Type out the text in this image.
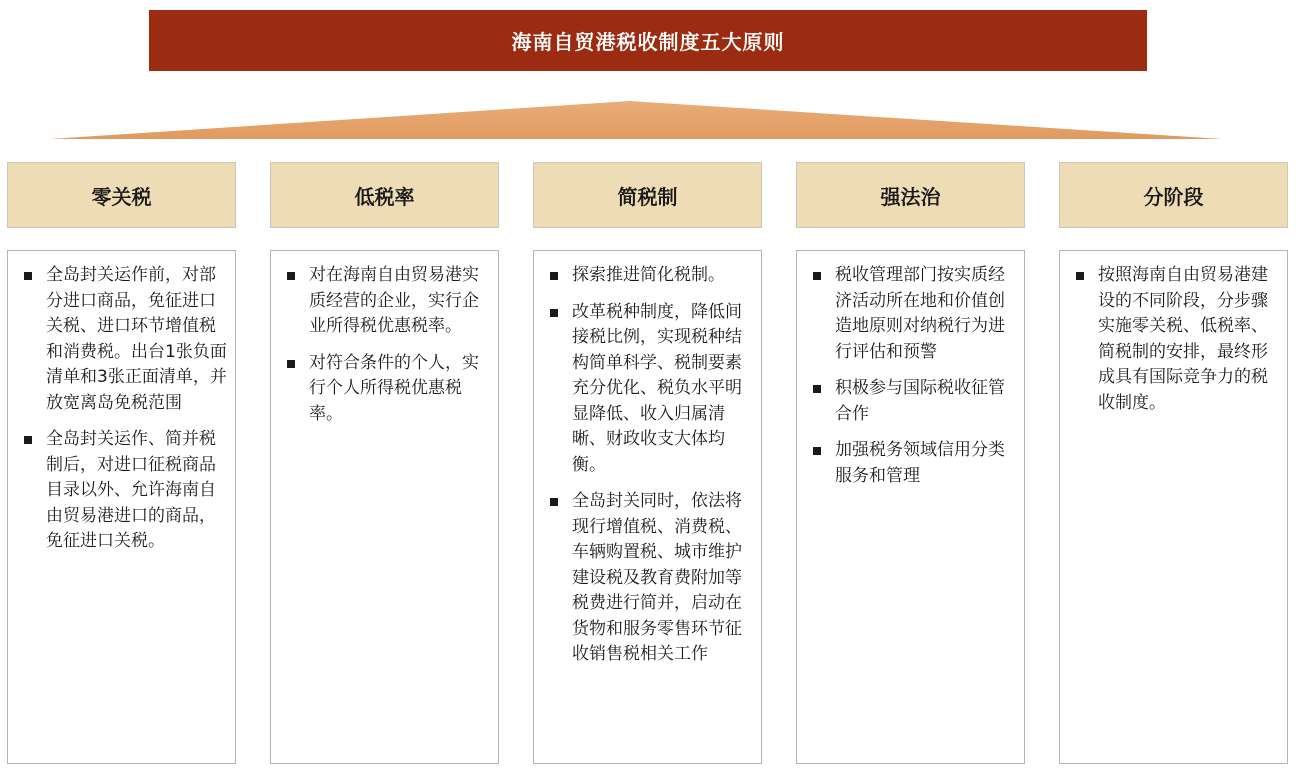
海南自贸港税收制度五大原则
零关税
全岛封关运作前，对部分进口商品，免征进口关税、进口环节增值税和消费税。出台1张负面清单和3张正面清单，并放宽离岛免税范围
全岛封关运作、简并税制后，对进口征税商品目录以外、允许海南自由贸易港进口的商品，免征进口关税。
低税率
对在海南自由贸易港实质经营的企业，实行企业所得税优惠税率。
对符合条件的个人，实行个人所得税优惠税率。
简税制
探索推进简化税制。
改革税种制度，降低间接税比例，实现税种结构简单科学、税制要素充分优化、税负水平明显降低、收入归属清晰、财政收支大体均衡。
全岛封关同时，依法将现行增值税、消费税、车辆购置税、城市维护建设税及教育费附加等税费进行简并，启动在货物和服务零售环节征收销售税相关工作
强法治
税收管理部门按实质经济活动所在地和价值创造地原则对纳税行为进行评估和预警
积极参与国际税收征管合作
加强税务领域信用分类服务和管理
分阶段
按照海南自由贸易港建设的不同阶段，分步骤实施零关税、低税率、简税制的安排，最终形成具有国际竞争力的税收制度。
